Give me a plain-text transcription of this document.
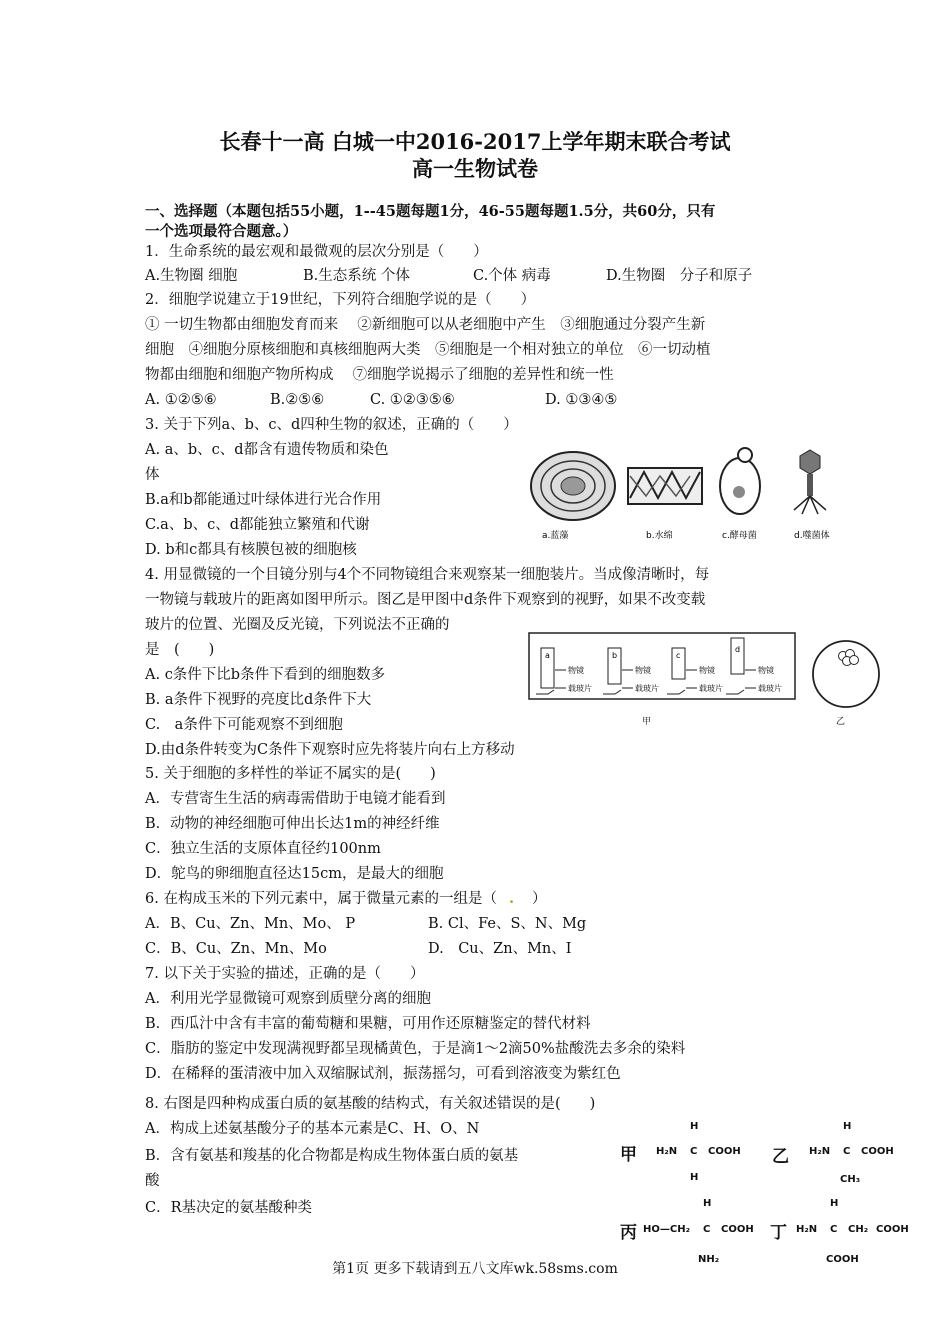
长春十一高 白城一中2016-2017上学年期末联合考试
高一生物试卷
一、选择题（本题包括55小题，1--45题每题1分，46-55题每题1.5分，共60分，只有
一个选项最符合题意。）
1．生命系统的最宏观和最微观的层次分别是（　　）
A.生物圈 细胞	B.生态系统 个体	C.个体 病毒	D.生物圈　分子和原子
2．细胞学说建立于19世纪，下列符合细胞学说的是（　　）
① 一切生物都由细胞发育而来　 ②新细胞可以从老细胞中产生　③细胞通过分裂产生新
细胞　④细胞分原核细胞和真核细胞两大类　⑤细胞是一个相对独立的单位　⑥一切动植
物都由细胞和细胞产物所构成　 ⑦细胞学说揭示了细胞的差异性和统一性
A. ①②⑤⑥	B.②⑤⑥	C. ①②③⑤⑥	D. ①③④⑤
3. 关于下列a、b、c、d四种生物的叙述，正确的（　　）
A. a、b、c、d都含有遗传物质和染色
体
B.a和b都能通过叶绿体进行光合作用
C.a、b、c、d都能独立繁殖和代谢
D. b和c都具有核膜包被的细胞核
a.蓝藻	b.水绵	c.酵母菌	d.噬菌体
4. 用显微镜的一个目镜分别与4个不同物镜组合来观察某一细胞装片。当成像清晰时，每
一物镜与载玻片的距离如图甲所示。图乙是甲图中d条件下观察到的视野，如果不改变载
玻片的位置、光圈及反光镜，下列说法不正确的
是　(　　)
A. c条件下比b条件下看到的细胞数多
B. a条件下视野的亮度比d条件下大
C.　a条件下可能观察不到细胞
D.由d条件转变为C条件下观察时应先将装片向右上方移动
a	b	c
d
物镜
载玻片
物镜
载玻片
物镜
载玻片
物镜
载玻片
甲	乙
5. 关于细胞的多样性的举证不属实的是(　　)
A．专营寄生生活的病毒需借助于电镜才能看到
B．动物的神经细胞可伸出长达1m的神经纤维
C．独立生活的支原体直径约100nm
D．鸵鸟的卵细胞直径达15cm，是最大的细胞
6. 在构成玉米的下列元素中，属于微量元素的一组是（ . ）
A．B、Cu、Zn、Mn、Mo、 P	B. Cl、Fe、S、N、Mg
C．B、Cu、Zn、Mn、Mo	D.　Cu、Zn、Mn、I
7. 以下关于实验的描述，正确的是（　　）
A．利用光学显微镜可观察到质壁分离的细胞
B．西瓜汁中含有丰富的葡萄糖和果糖，可用作还原糖鉴定的替代材料
C．脂肪的鉴定中发现满视野都呈现橘黄色，于是滴1～2滴50%盐酸洗去多余的染料
D．在稀释的蛋清液中加入双缩脲试剂，振荡摇匀，可看到溶液变为紫红色
8. 右图是四种构成蛋白质的氨基酸的结构式，有关叙述错误的是(　　)
A．构成上述氨基酸分子的基本元素是C、H、O、N
B．含有氨基和羧基的化合物都是构成生物体蛋白质的氨基
酸
C．R基决定的氨基酸种类
甲
H
H₂N C COOH
H
乙
H
H₂N C COOH
CH₃
丙
H
HO—CH₂ C COOH
NH₂
丁
H
H₂N C CH₂ COOH
COOH
第1页 更多下载请到五八文库wk.58sms.com
